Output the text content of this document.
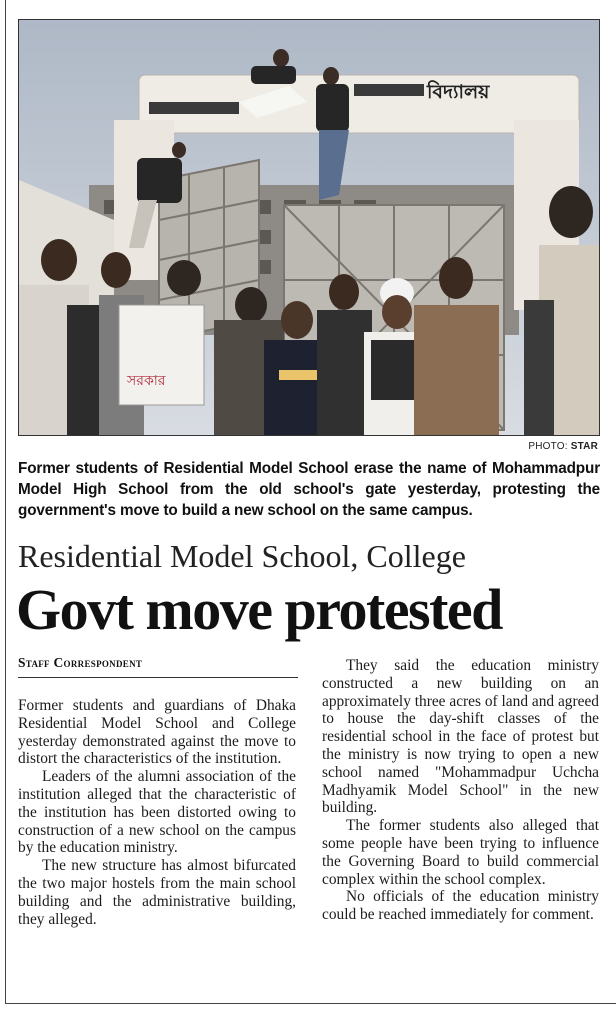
বিদ্যালয়
সরকার
PHOTO: STAR
Former students of Residential Model School erase the name of Mohammadpur Model High School from the old school's gate yesterday, protesting the government's move to build a new school on the same campus.
Residential Model School, College
Govt move protested
Staff Correspondent

Former students and guardians of Dhaka Residential Model School and College yesterday demonstrated against the move to distort the characteristics of the institution.

Leaders of the alumni association of the institution alleged that the characteristic of the institution has been distorted owing to construction of a new school on the campus by the education ministry.

The new structure has almost bifurcated the two major hostels from the main school building and the administrative building, they alleged.

They said the education ministry constructed a new building on an approximately three acres of land and agreed to house the day-shift classes of the residential school in the face of protest but the ministry is now trying to open a new school named "Mohammadpur Uchcha Madhyamik Model School" in the new building.

The former students also alleged that some people have been trying to influence the Governing Board to build commercial complex within the school complex.

No officials of the education ministry could be reached immediately for comment.
